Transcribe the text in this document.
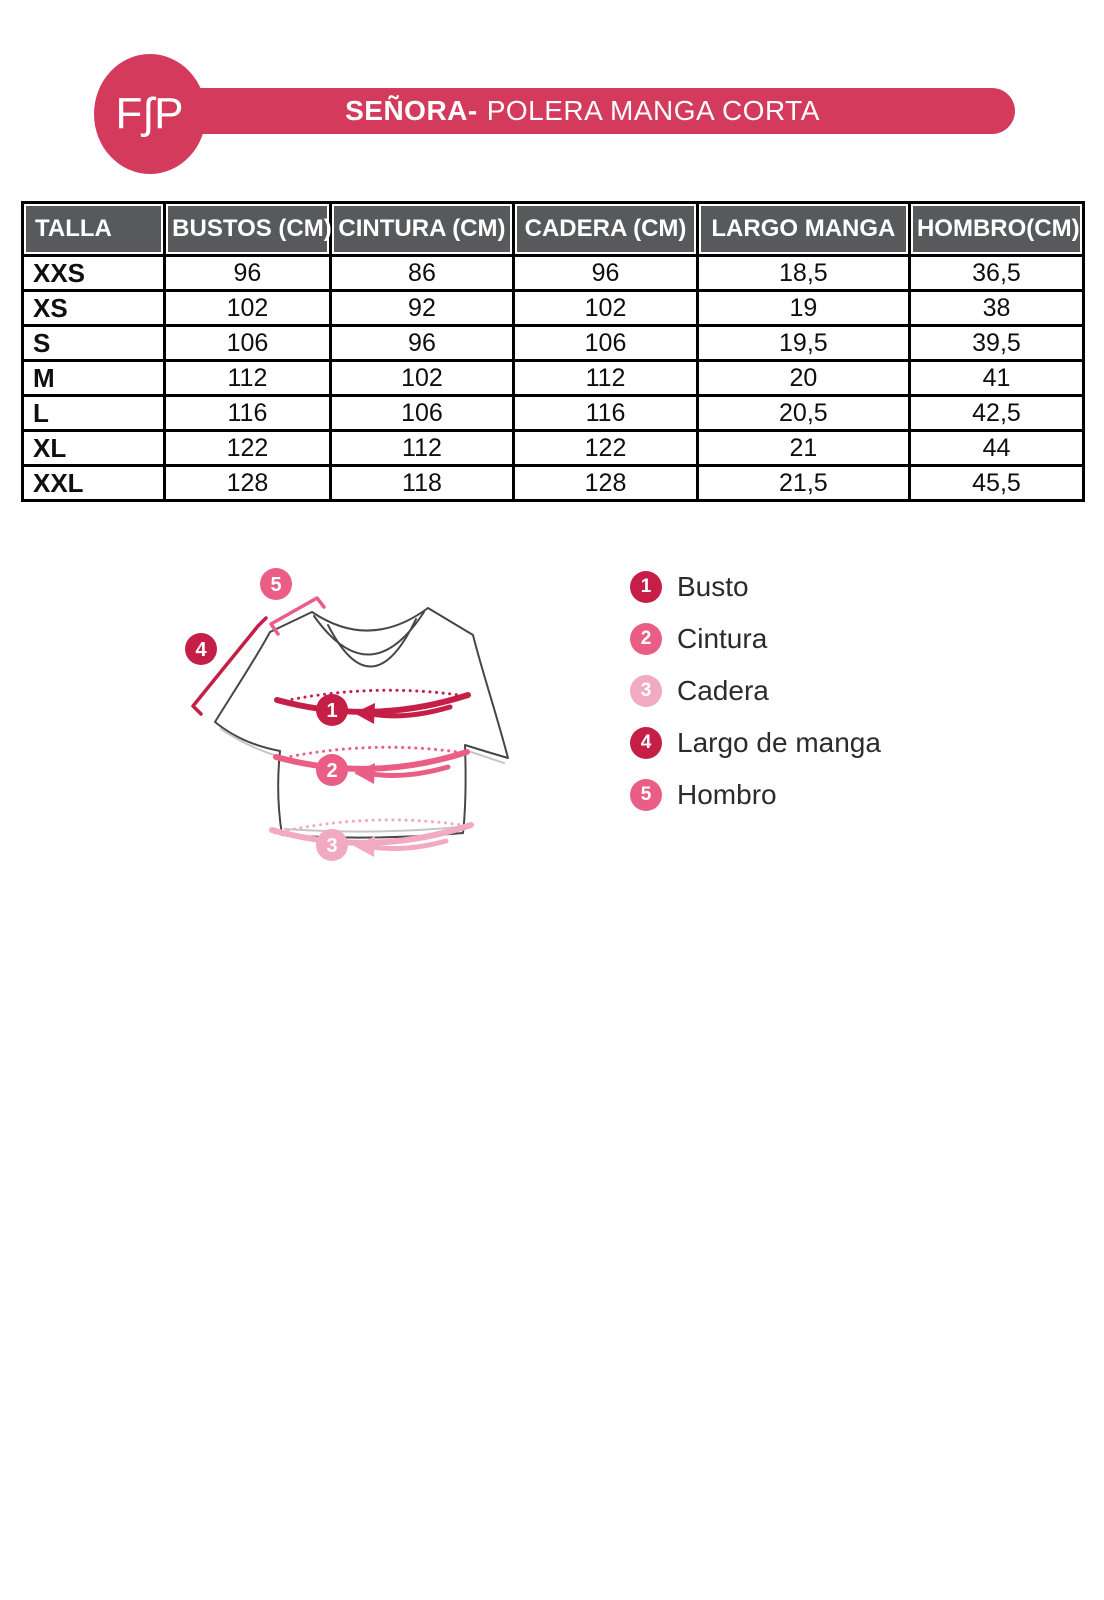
SEÑORA- POLERA MANGA CORTA
FʃP
TALLA	BUSTOS (CM)	CINTURA (CM)	CADERA (CM)	LARGO MANGA	HOMBRO(CM)

XXS	96	86	96	18,5	36,5
XS	102	92	102	19	38
S	106	96	106	19,5	39,5
M	112	102	112	20	41
L	116	106	116	20,5	42,5
XL	122	112	122	21	44
XXL	128	118	128	21,5	45,5
5
4
1
2
3
1 Busto
2 Cintura
3 Cadera
4 Largo de manga
5 Hombro
